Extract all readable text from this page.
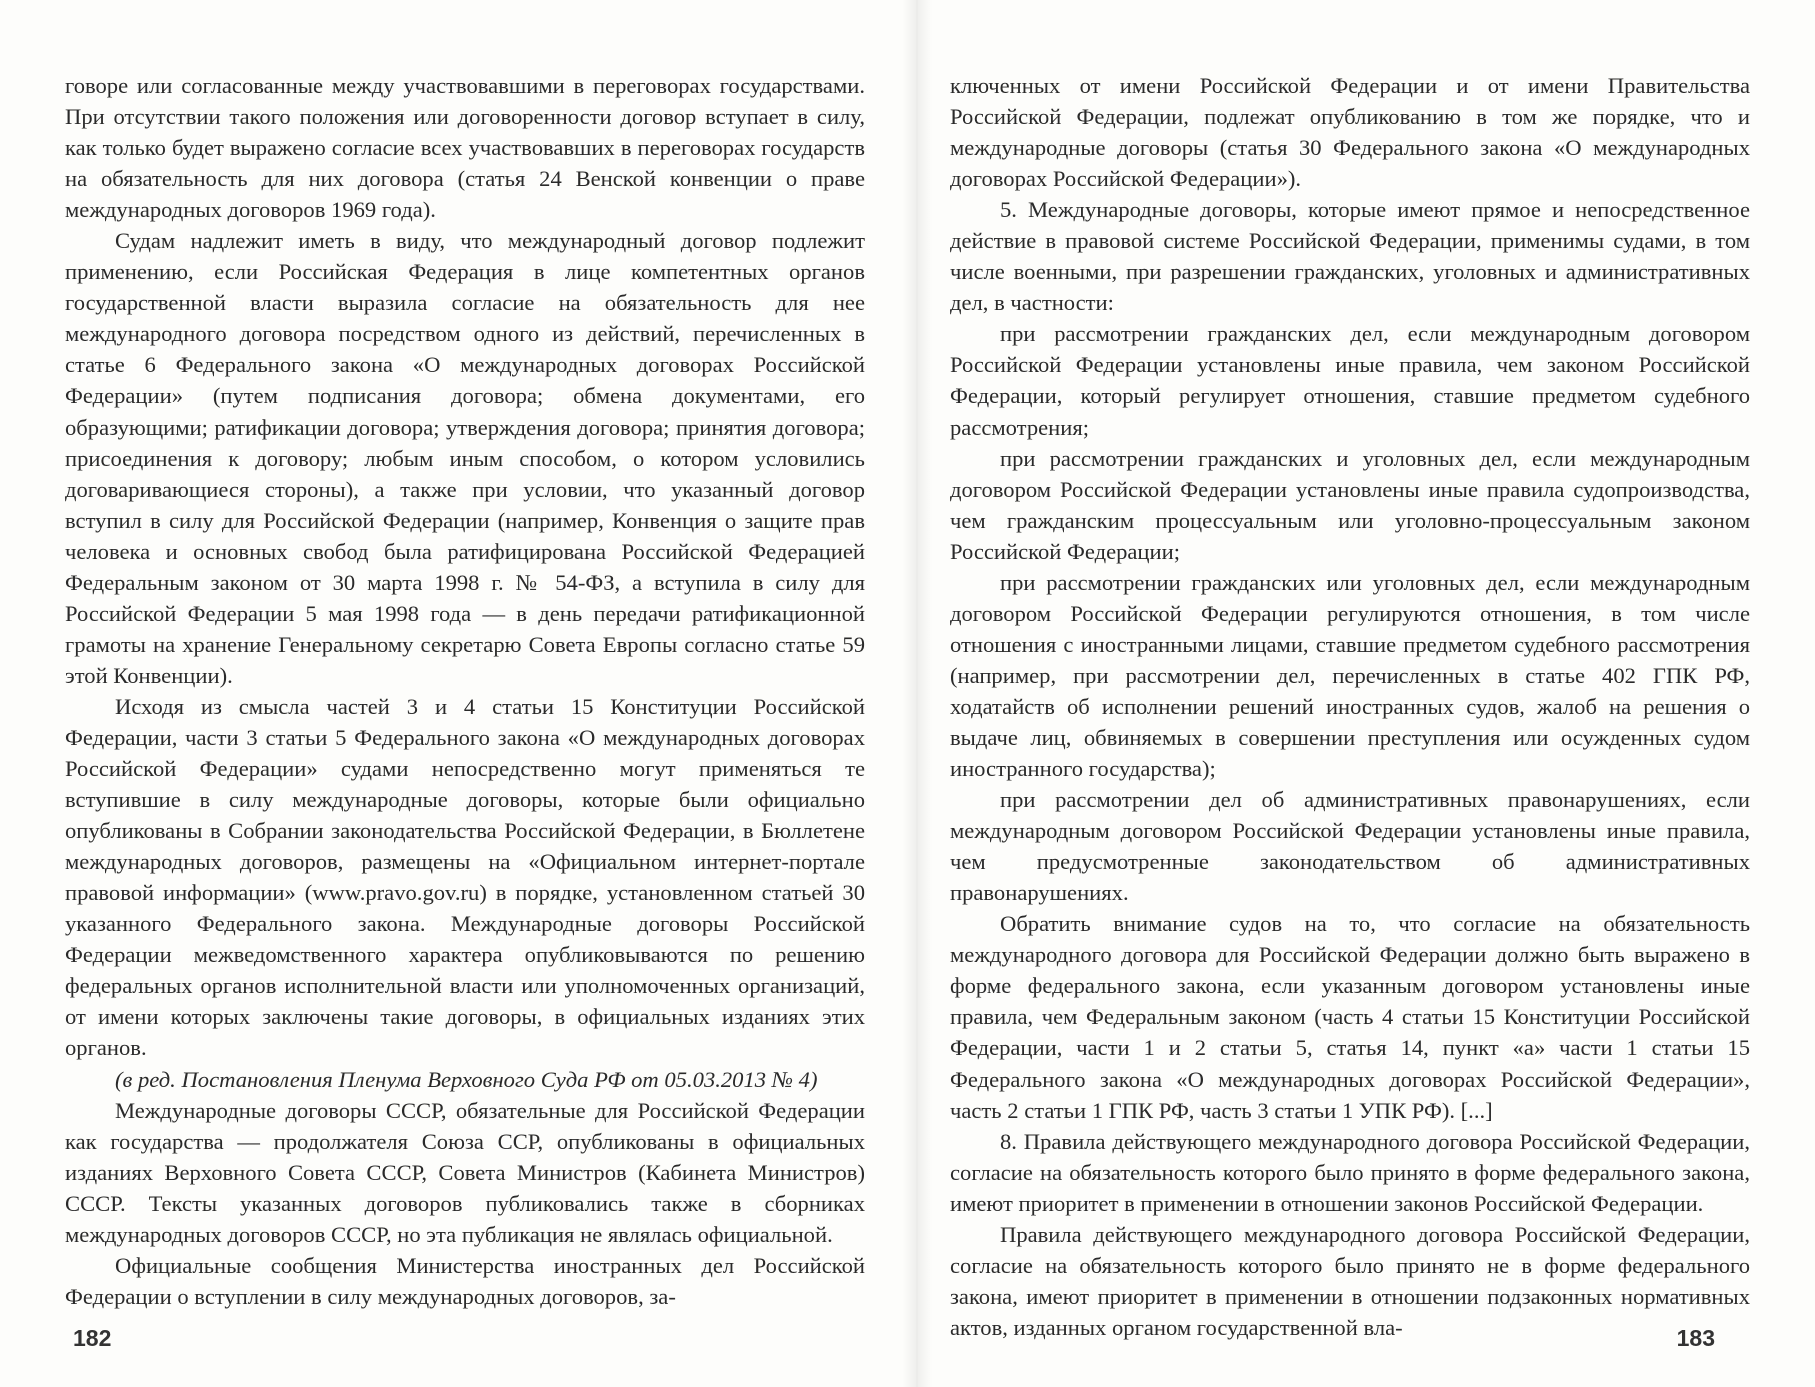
говоре или согласованные между участвовавшими в переговорах государствами. При отсутствии такого положения или договоренности договор вступает в силу, как только будет выражено согласие всех участвовавших в переговорах государств на обязательность для них договора (статья 24 Венской конвенции о праве международных договоров 1969 года).

Судам надлежит иметь в виду, что международный договор подлежит применению, если Российская Федерация в лице компетентных органов государственной власти выразила согласие на обязательность для нее международного договора посредством одного из действий, перечисленных в статье 6 Федерального закона «О международных договорах Российской Федерации» (путем подписания договора; обмена документами, его образующими; ратификации договора; утверждения договора; принятия договора; присоединения к договору; любым иным способом, о котором условились договаривающиеся стороны), а также при условии, что указанный договор вступил в силу для Российской Федерации (например, Конвенция о защите прав человека и основных свобод была ратифицирована Российской Федерацией Федеральным законом от 30 марта 1998 г. № 54-ФЗ, а вступила в силу для Российской Федерации 5 мая 1998 года — в день передачи ратификационной грамоты на хранение Генеральному секретарю Совета Европы согласно статье 59 этой Конвенции).

Исходя из смысла частей 3 и 4 статьи 15 Конституции Российской Федерации, части 3 статьи 5 Федерального закона «О международных договорах Российской Федерации» судами непосредственно могут применяться те вступившие в силу международные договоры, которые были официально опубликованы в Собрании законодательства Российской Федерации, в Бюллетене международных договоров, размещены на «Официальном интернет-портале правовой информации» (www.pravo.gov.ru) в порядке, установленном статьей 30 указанного Федерального закона. Международные договоры Российской Федерации межведомственного характера опубликовываются по решению федеральных органов исполнительной власти или уполномоченных организаций, от имени которых заключены такие договоры, в официальных изданиях этих органов.

(в ред. Постановления Пленума Верховного Суда РФ от 05.03.2013 № 4)

Международные договоры СССР, обязательные для Российской Федерации как государства — продолжателя Союза ССР, опубликованы в официальных изданиях Верховного Совета СССР, Совета Министров (Кабинета Министров) СССР. Тексты указанных договоров публиковались также в сборниках международных договоров СССР, но эта публикация не являлась официальной.

Официальные сообщения Министерства иностранных дел Российской Федерации о вступлении в силу международных договоров, за-

182

ключенных от имени Российской Федерации и от имени Правительства Российской Федерации, подлежат опубликованию в том же порядке, что и международные договоры (статья 30 Федерального закона «О международных договорах Российской Федерации»).

5. Международные договоры, которые имеют прямое и непосредственное действие в правовой системе Российской Федерации, применимы судами, в том числе военными, при разрешении гражданских, уголовных и административных дел, в частности:

при рассмотрении гражданских дел, если международным договором Российской Федерации установлены иные правила, чем законом Российской Федерации, который регулирует отношения, ставшие предметом судебного рассмотрения;

при рассмотрении гражданских и уголовных дел, если международным договором Российской Федерации установлены иные правила судопроизводства, чем гражданским процессуальным или уголовно-процессуальным законом Российской Федерации;

при рассмотрении гражданских или уголовных дел, если международным договором Российской Федерации регулируются отношения, в том числе отношения с иностранными лицами, ставшие предметом судебного рассмотрения (например, при рассмотрении дел, перечисленных в статье 402 ГПК РФ, ходатайств об исполнении решений иностранных судов, жалоб на решения о выдаче лиц, обвиняемых в совершении преступления или осужденных судом иностранного государства);

при рассмотрении дел об административных правонарушениях, если международным договором Российской Федерации установлены иные правила, чем предусмотренные законодательством об административных правонарушениях.

Обратить внимание судов на то, что согласие на обязательность международного договора для Российской Федерации должно быть выражено в форме федерального закона, если указанным договором установлены иные правила, чем Федеральным законом (часть 4 статьи 15 Конституции Российской Федерации, части 1 и 2 статьи 5, статья 14, пункт «а» части 1 статьи 15 Федерального закона «О международных договорах Российской Федерации», часть 2 статьи 1 ГПК РФ, часть 3 статьи 1 УПК РФ). [...]

8. Правила действующего международного договора Российской Федерации, согласие на обязательность которого было принято в форме федерального закона, имеют приоритет в применении в отношении законов Российской Федерации.

Правила действующего международного договора Российской Федерации, согласие на обязательность которого было принято не в форме федерального закона, имеют приоритет в применении в отношении подзаконных нормативных актов, изданных органом государственной вла-	183
